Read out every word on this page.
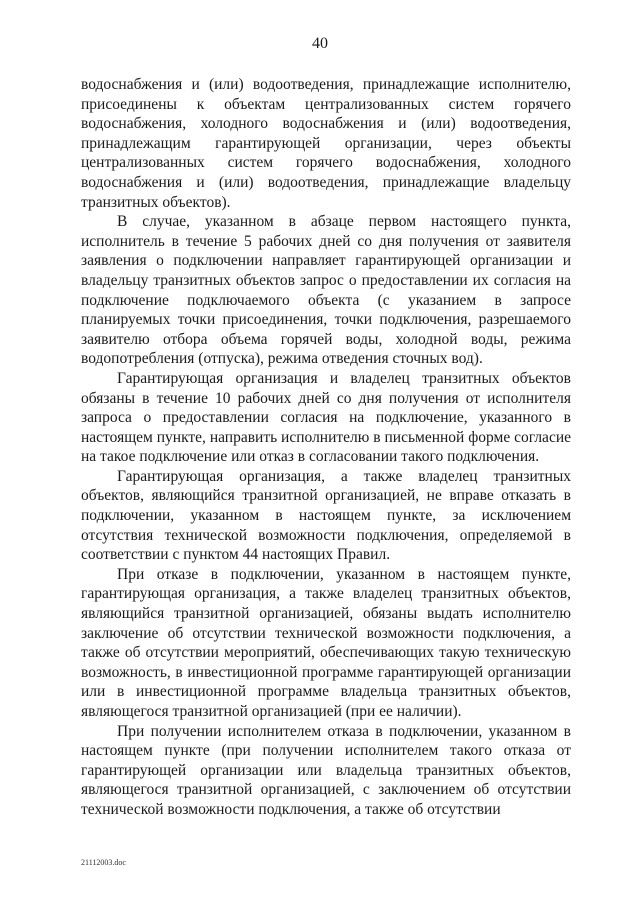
40

водоснабжения и (или) водоотведения, принадлежащие исполнителю, присоединены к объектам централизованных систем горячего водоснабжения, холодного водоснабжения и (или) водоотведения, принадлежащим гарантирующей организации, через объекты централизованных систем горячего водоснабжения, холодного водоснабжения и (или) водоотведения, принадлежащие владельцу транзитных объектов).

В случае, указанном в абзаце первом настоящего пункта, исполнитель в течение 5 рабочих дней со дня получения от заявителя заявления о подключении направляет гарантирующей организации и владельцу транзитных объектов запрос о предоставлении их согласия на подключение подключаемого объекта (с указанием в запросе планируемых точки присоединения, точки подключения, разрешаемого заявителю отбора объема горячей воды, холодной воды, режима водопотребления (отпуска), режима отведения сточных вод).

Гарантирующая организация и владелец транзитных объектов обязаны в течение 10 рабочих дней со дня получения от исполнителя запроса о предоставлении согласия на подключение, указанного в настоящем пункте, направить исполнителю в письменной форме согласие на такое подключение или отказ в согласовании такого подключения.

Гарантирующая организация, а также владелец транзитных объектов, являющийся транзитной организацией, не вправе отказать в подключении, указанном в настоящем пункте, за исключением отсутствия технической возможности подключения, определяемой в соответствии с пунктом 44 настоящих Правил.

При отказе в подключении, указанном в настоящем пункте, гарантирующая организация, а также владелец транзитных объектов, являющийся транзитной организацией, обязаны выдать исполнителю заключение об отсутствии технической возможности подключения, а также об отсутствии мероприятий, обеспечивающих такую техническую возможность, в инвестиционной программе гарантирующей организации или в инвестиционной программе владельца транзитных объектов, являющегося транзитной организацией (при ее наличии).

При получении исполнителем отказа в подключении, указанном в настоящем пункте (при получении исполнителем такого отказа от гарантирующей организации или владельца транзитных объектов, являющегося транзитной организацией, с заключением об отсутствии технической возможности подключения, а также об отсутствии

21112003.doc
